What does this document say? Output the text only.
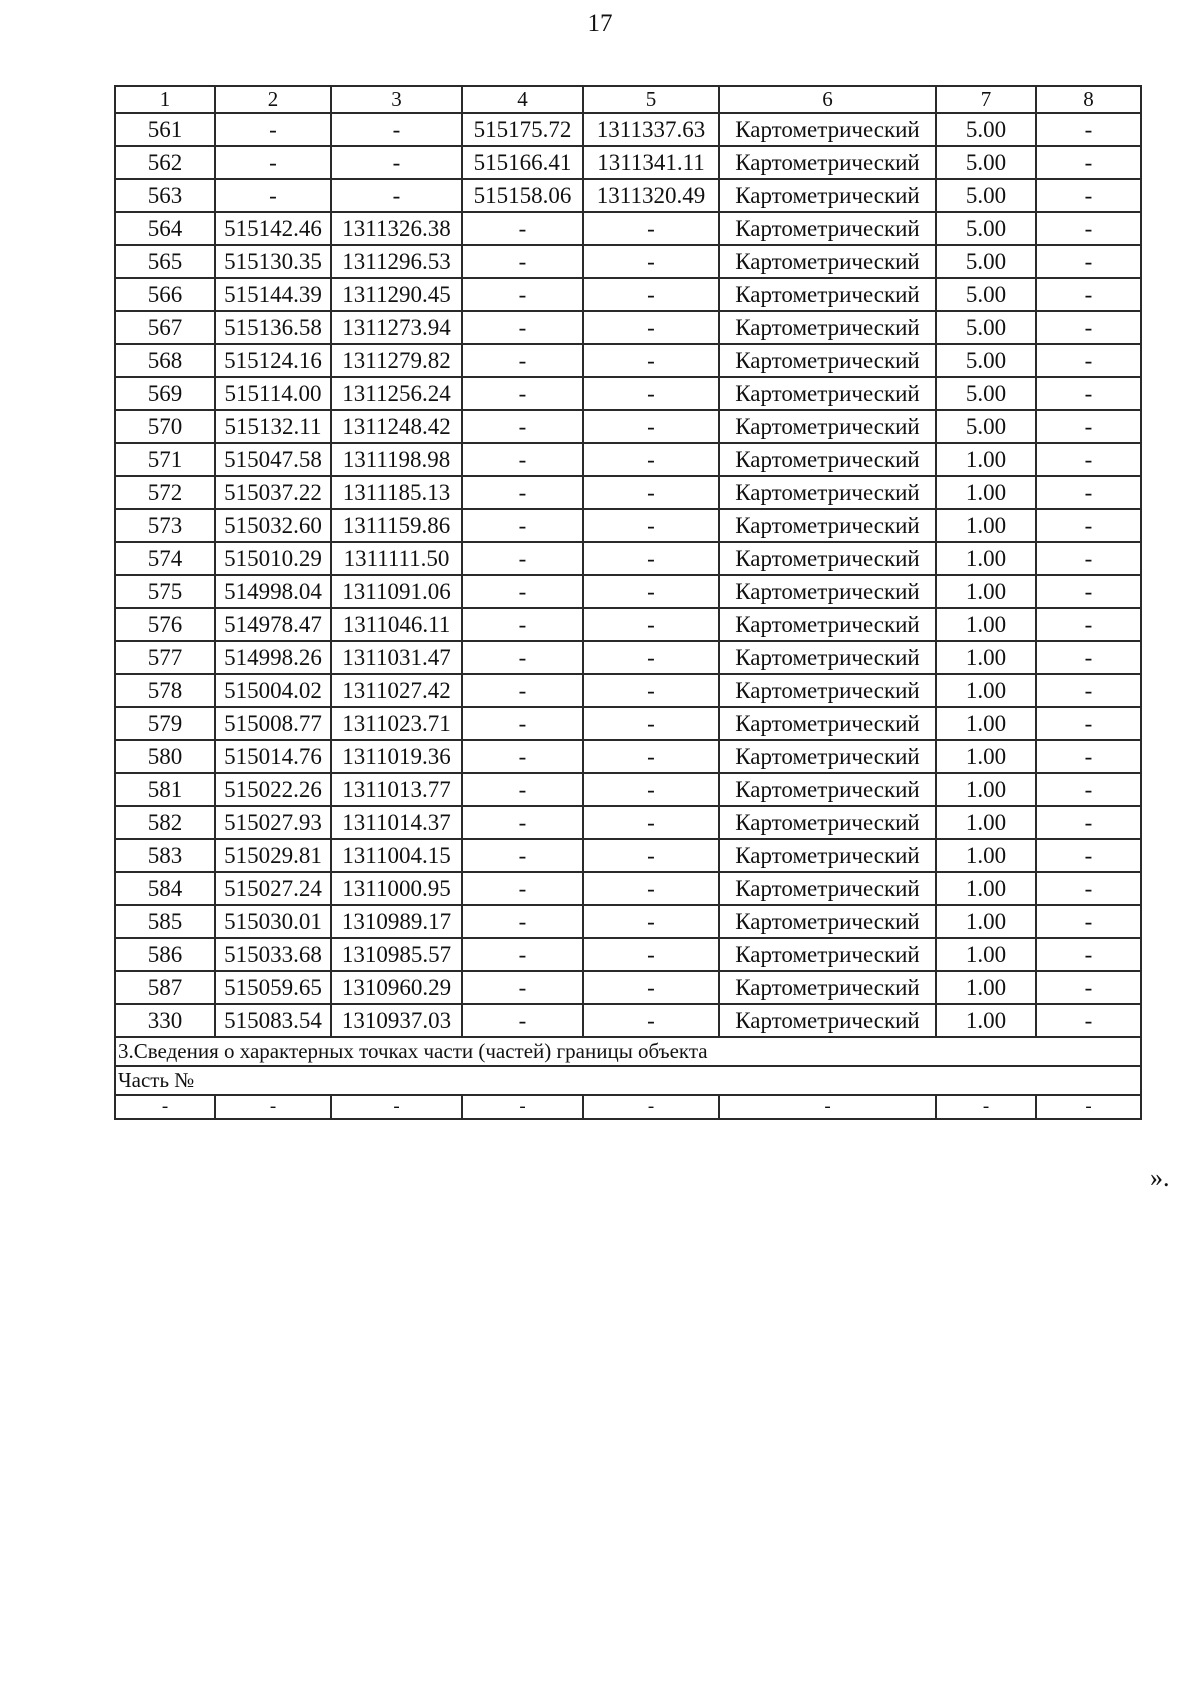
17
1	2	3	4	5	6	7	8
561	-	-	515175.72	1311337.63	Картометрический	5.00	-
562	-	-	515166.41	1311341.11	Картометрический	5.00	-
563	-	-	515158.06	1311320.49	Картометрический	5.00	-
564	515142.46	1311326.38	-	-	Картометрический	5.00	-
565	515130.35	1311296.53	-	-	Картометрический	5.00	-
566	515144.39	1311290.45	-	-	Картометрический	5.00	-
567	515136.58	1311273.94	-	-	Картометрический	5.00	-
568	515124.16	1311279.82	-	-	Картометрический	5.00	-
569	515114.00	1311256.24	-	-	Картометрический	5.00	-
570	515132.11	1311248.42	-	-	Картометрический	5.00	-
571	515047.58	1311198.98	-	-	Картометрический	1.00	-
572	515037.22	1311185.13	-	-	Картометрический	1.00	-
573	515032.60	1311159.86	-	-	Картометрический	1.00	-
574	515010.29	1311111.50	-	-	Картометрический	1.00	-
575	514998.04	1311091.06	-	-	Картометрический	1.00	-
576	514978.47	1311046.11	-	-	Картометрический	1.00	-
577	514998.26	1311031.47	-	-	Картометрический	1.00	-
578	515004.02	1311027.42	-	-	Картометрический	1.00	-
579	515008.77	1311023.71	-	-	Картометрический	1.00	-
580	515014.76	1311019.36	-	-	Картометрический	1.00	-
581	515022.26	1311013.77	-	-	Картометрический	1.00	-
582	515027.93	1311014.37	-	-	Картометрический	1.00	-
583	515029.81	1311004.15	-	-	Картометрический	1.00	-
584	515027.24	1311000.95	-	-	Картометрический	1.00	-
585	515030.01	1310989.17	-	-	Картометрический	1.00	-
586	515033.68	1310985.57	-	-	Картометрический	1.00	-
587	515059.65	1310960.29	-	-	Картометрический	1.00	-
330	515083.54	1310937.03	-	-	Картометрический	1.00	-
3.Сведения о характерных точках части (частей) границы объекта							
Часть №							
-	-	-	-	-	-	-	-
».
